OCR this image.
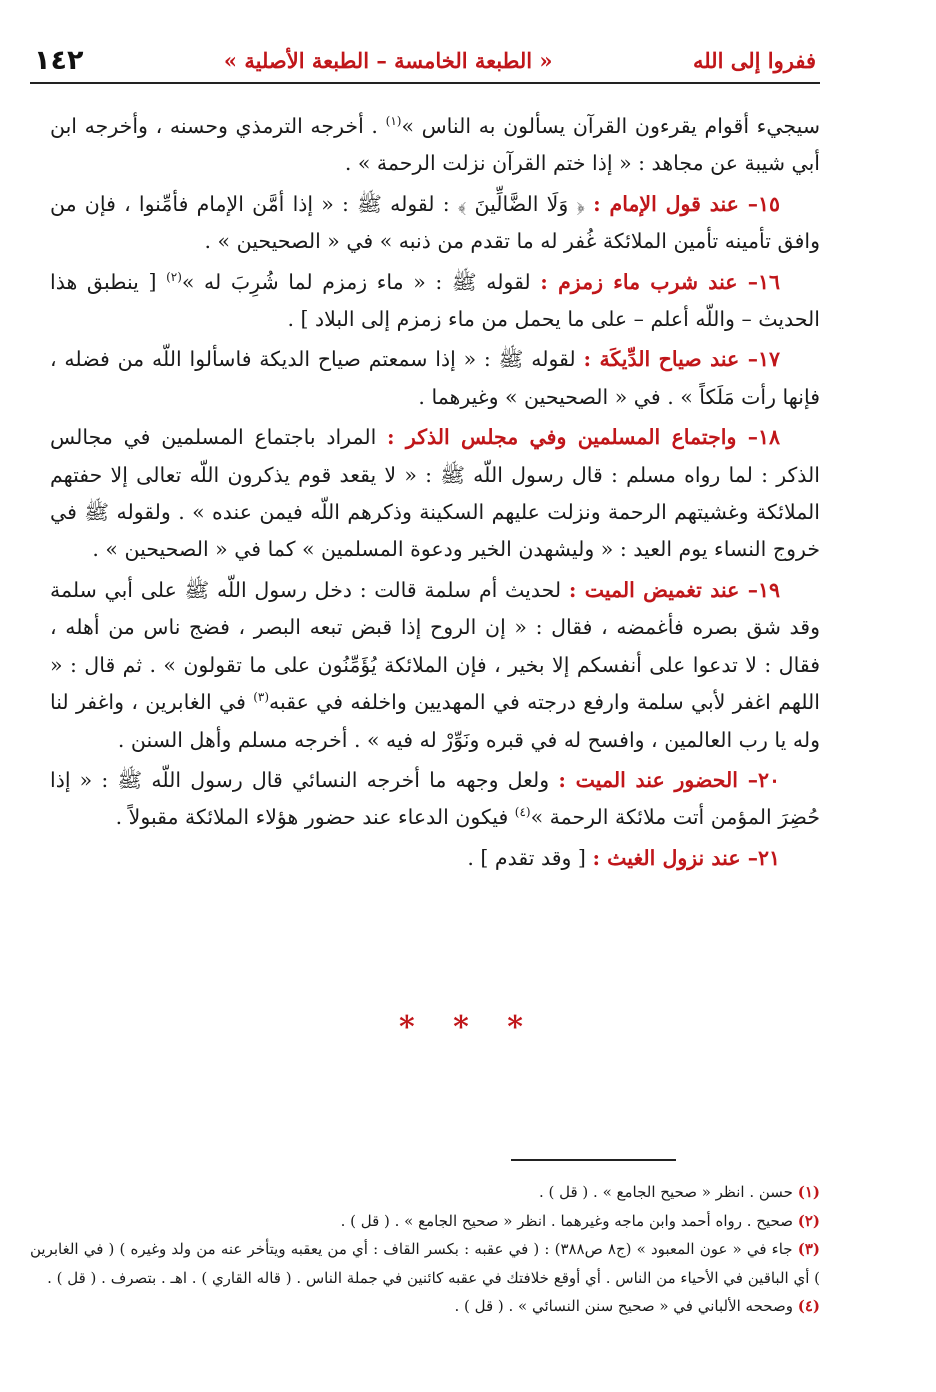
١٤٢	« الطبعة الخامسة – الطبعة الأصلية »	ففروا إلى الله

سيجيء أقوام يقرءون القرآن يسألون به الناس »$^{(١)}$ . أخرجه الترمذي وحسنه ، وأخرجه ابن أبي شيبة عن مجاهد : « إذا ختم القرآن نزلت الرحمة » .

١٥– عند قول الإمام : ﴿ وَلَا الضَّالِّينَ ﴾ : لقوله ﷺ : « إذا أمَّن الإمام فأمِّنوا ، فإن من وافق تأمينه تأمين الملائكة غُفر له ما تقدم من ذنبه » في « الصحيحين » .

١٦– عند شرب ماء زمزم : لقوله ﷺ : « ماء زمزم لما شُرِبَ له »$^{(٢)}$ [ ينطبق هذا الحديث – واللّه أعلم – على ما يحمل من ماء زمزم إلى البلاد ] .

١٧– عند صياح الدِّيكَة : لقوله ﷺ : « إذا سمعتم صياح الديكة فاسألوا اللّه من فضله ، فإنها رأت مَلَكاً » . في « الصحيحين » وغيرهما .

١٨– واجتماع المسلمين وفي مجلس الذكر : المراد باجتماع المسلمين في مجالس الذكر : لما رواه مسلم : قال رسول اللّه ﷺ : « لا يقعد قوم يذكرون اللّه تعالى إلا حفتهم الملائكة وغشيتهم الرحمة ونزلت عليهم السكينة وذكرهم اللّه فيمن عنده » . ولقوله ﷺ في خروج النساء يوم العيد : « وليشهدن الخير ودعوة المسلمين » كما في « الصحيحين » .

١٩– عند تغميض الميت : لحديث أم سلمة قالت : دخل رسول اللّه ﷺ على أبي سلمة وقد شق بصره فأغمضه ، فقال : « إن الروح إذا قبض تبعه البصر ، فضج ناس من أهله ، فقال : لا تدعوا على أنفسكم إلا بخير ، فإن الملائكة يُؤَمِّنُون على ما تقولون » . ثم قال : « اللهم اغفر لأبي سلمة وارفع درجته في المهديين واخلفه في عقبه$^{(٣)}$ في الغابرين ، واغفر لنا وله يا رب العالمين ، وافسح له في قبره ونَوِّرْ له فيه » . أخرجه مسلم وأهل السنن .

٢٠– الحضور عند الميت : ولعل وجهه ما أخرجه النسائي قال رسول اللّه ﷺ : « إذا حُضِرَ المؤمن أتت ملائكة الرحمة »$^{(٤)}$ فيكون الدعاء عند حضور هؤلاء الملائكة مقبولاً .

٢١– عند نزول الغيث : [ وقد تقدم ] .

* * *

(١) حسن . انظر « صحيح الجامع » . ( قل ) .

(٢) صحيح . رواه أحمد وابن ماجه وغيرهما . انظر « صحيح الجامع » . ( قل ) .

(٣) جاء في « عون المعبود » (ج٨ ص٣٨٨) : ( في عقبه : بكسر القاف : أي من يعقبه ويتأخر عنه من ولد وغيره ) ( في الغابرين ) أي الباقين في الأحياء من الناس . أي أوقع خلافتك في عقبه كائنين في جملة الناس . ( قاله القاري ) . اهـ . بتصرف . ( قل ) .

(٤) وصححه الألباني في « صحيح سنن النسائي » . ( قل ) .
